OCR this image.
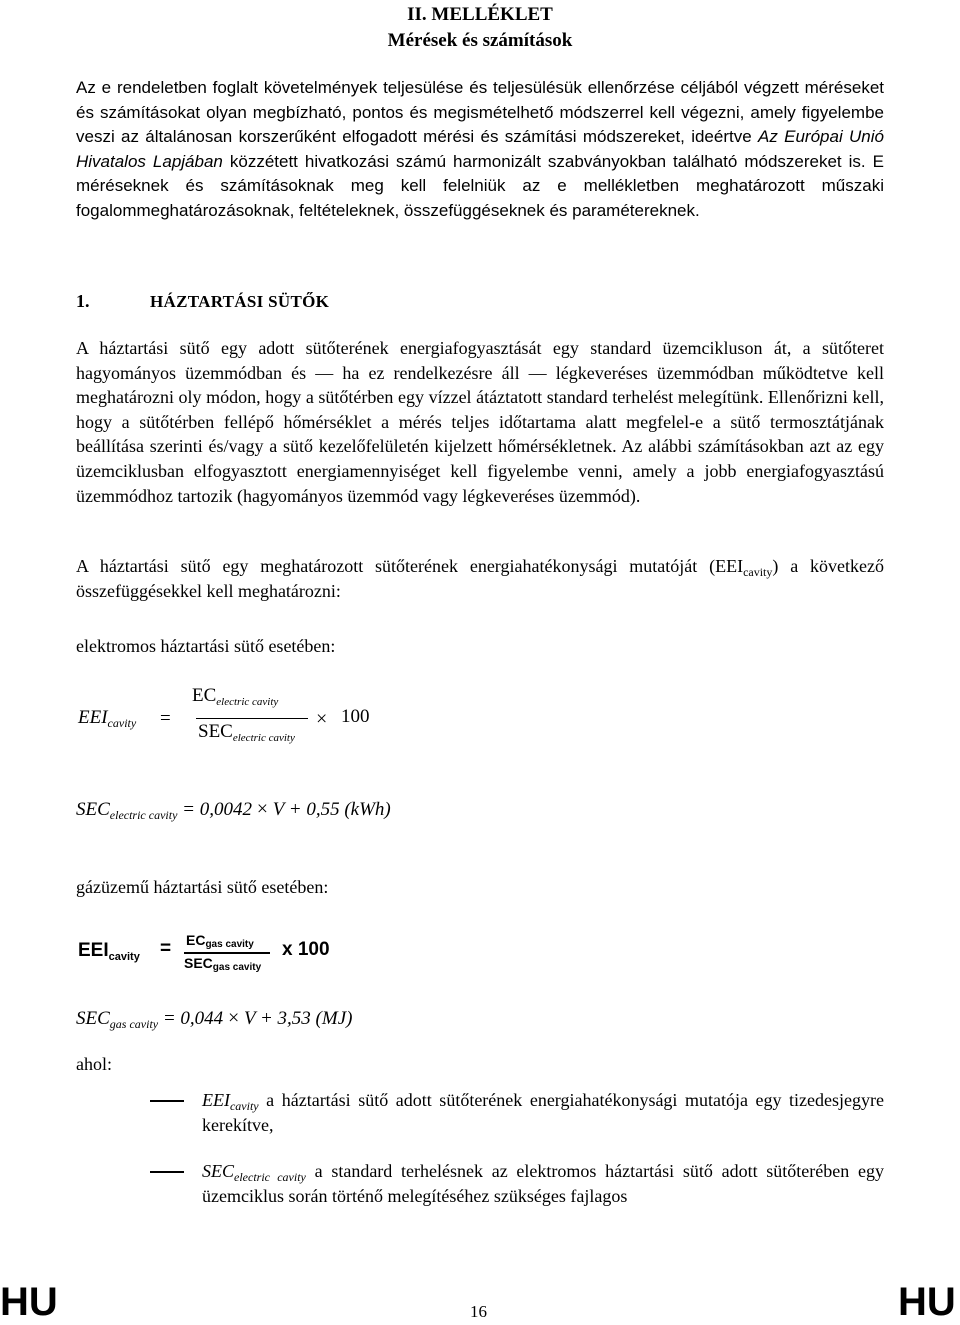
II. MELLÉKLET
Mérések és számítások
Az e rendeletben foglalt követelmények teljesülése és teljesülésük ellenőrzése céljából végzett méréseket és számításokat olyan megbízható, pontos és megismételhető módszerrel kell végezni, amely figyelembe veszi az általánosan korszerűként elfogadott mérési és számítási módszereket, ideértve Az Európai Unió Hivatalos Lapjában közzétett hivatkozási számú harmonizált szabványokban található módszereket is. E méréseknek és számításoknak meg kell felelniük az e mellékletben meghatározott műszaki fogalommeghatározásoknak, feltételeknek, összefüggéseknek és paramétereknek.
1.	HÁZTARTÁSI SÜTŐK
A háztartási sütő egy adott sütőterének energiafogyasztását egy standard üzemcikluson át, a sütőteret hagyományos üzemmódban és — ha ez rendelkezésre áll — légkeveréses üzemmódban működtetve kell meghatározni oly módon, hogy a sütőtérben egy vízzel átáztatott standard terhelést melegítünk. Ellenőrizni kell, hogy a sütőtérben fellépő hőmérséklet a mérés teljes időtartama alatt megfelel-e a sütő termosztátjának beállítása szerinti és/vagy a sütő kezelőfelületén kijelzett hőmérsékletnek. Az alábbi számításokban azt az egy üzemciklusban elfogyasztott energiamennyiséget kell figyelembe venni, amely a jobb energiafogyasztású üzemmódhoz tartozik (hagyományos üzemmód vagy légkeveréses üzemmód).
A háztartási sütő egy meghatározott sütőterének energiahatékonysági mutatóját $(EEI_{cavity})$ a következő összefüggésekkel kell meghatározni:
elektromos háztartási sütő esetében:
$EEI_{cavity}$ =
$EC_{electric cavity}$
$SEC_{electric cavity}$
× 100
$SEC_{electric cavity} = 0,0042 \times V + 0,55$ (kWh)
gázüzemű háztartási sütő esetében:
$EEI_{cavity} = EC_{gas cavity}$
$SEC_{gas cavity}$
x 100
$SEC_{gas cavity} = 0,044 \times V + 3,53$ (MJ)
ahol:
$EEI_{cavity}$ a háztartási sütő adott sütőterének energiahatékonysági mutatója egy tizedesjegyre kerekítve,
$SEC_{electric cavity}$ a standard terhelésnek az elektromos háztartási sütő adott sütőterében egy üzemciklus során történő melegítéséhez szükséges fajlagos
HU	16	HU
